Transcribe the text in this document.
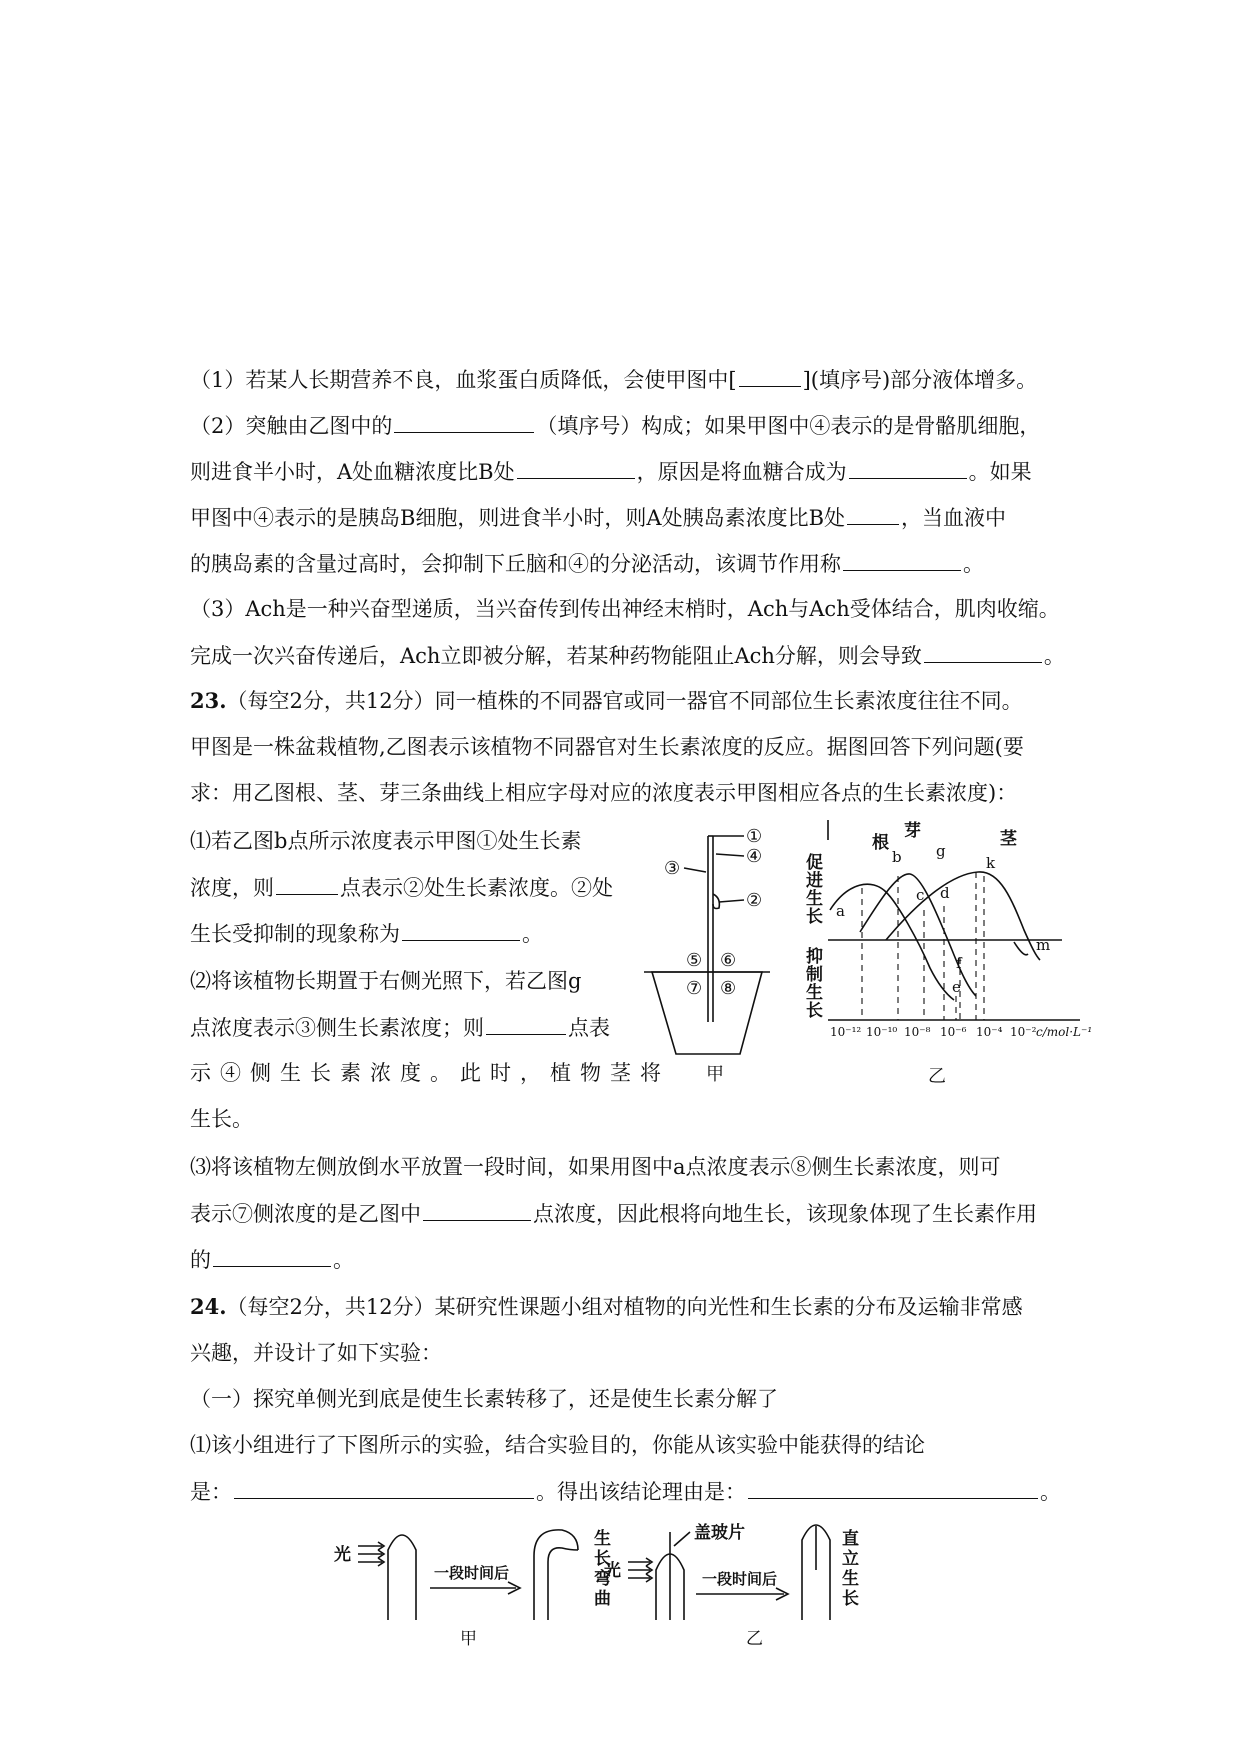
（1）若某人长期营养不良，血浆蛋白质降低，会使甲图中[	](填序号)部分液体增多。
（2）突触由乙图中的	（填序号）构成；如果甲图中④表示的是骨骼肌细胞，
则进食半小时，A处血糖浓度比B处	，原因是将血糖合成为	。如果
甲图中④表示的是胰岛B细胞，则进食半小时，则A处胰岛素浓度比B处	，当血液中
的胰岛素的含量过高时，会抑制下丘脑和④的分泌活动，该调节作用称	。
（3）Ach是一种兴奋型递质，当兴奋传到传出神经末梢时，Ach与Ach受体结合，肌肉收缩。
完成一次兴奋传递后，Ach立即被分解，若某种药物能阻止Ach分解，则会导致	。
23.（每空2分，共12分）同一植株的不同器官或同一器官不同部位生长素浓度往往不同。
甲图是一株盆栽植物,乙图表示该植物不同器官对生长素浓度的反应。据图回答下列问题(要
求：用乙图根、茎、芽三条曲线上相应字母对应的浓度表示甲图相应各点的生长素浓度)：
⑴若乙图b点所示浓度表示甲图①处生长素
浓度，则	点表示②处生长素浓度。②处
生长受抑制的现象称为	。
⑵将该植物长期置于右侧光照下，若乙图g
点浓度表示③侧生长素浓度；则	点表
示④侧生长素浓度。此时，植物茎将
生长。
⑶将该植物左侧放倒水平放置一段时间，如果用图中a点浓度表示⑧侧生长素浓度，则可
表示⑦侧浓度的是乙图中	点浓度，因此根将向地生长，该现象体现了生长素作用
的	。
①
④
③
②
⑤ ⑥
⑦ ⑧
甲
促
进
生
长
抑
制
生
长
根
芽	茎
a
b
c d
e
f
g
k
m
10⁻¹² 10⁻¹⁰ 10⁻⁸ 10⁻⁶ 10⁻⁴ 10⁻² c/mol·L⁻¹
乙
24.（每空2分，共12分）某研究性课题小组对植物的向光性和生长素的分布及运输非常感
兴趣，并设计了如下实验：
（一）探究单侧光到底是使生长素转移了，还是使生长素分解了
⑴该小组进行了下图所示的实验，结合实验目的，你能从该实验中能获得的结论
是：	。得出该结论理由是：	。
光
一段时间后
生
长
弯
曲
光
盖玻片
一段时间后
直
立
生
长
甲	乙
